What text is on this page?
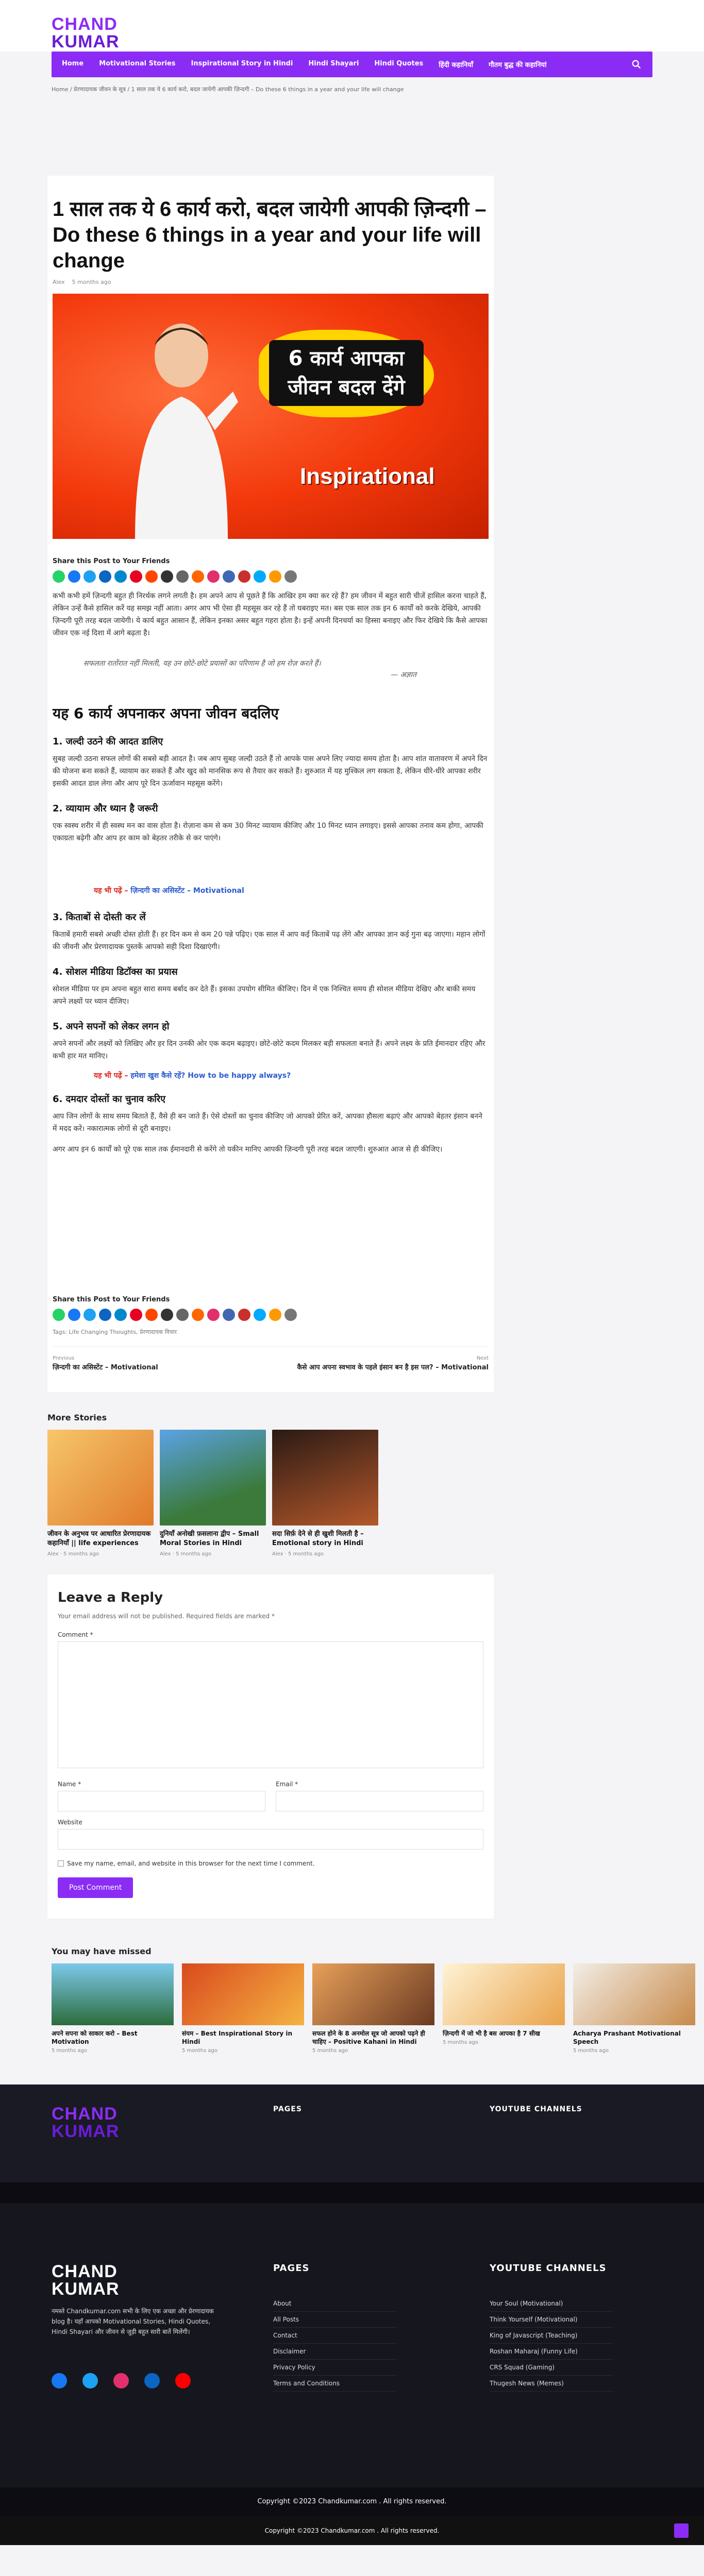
CHAND
KUMAR
Home	Motivational Stories	Inspirational Story in Hindi	Hindi Shayari	Hindi Quotes	हिंदी कहानियाँ	गौतम बुद्ध की कहानियां
Home / प्रेरणादायक जीवन के सूत्र / 1 साल तक ये 6 कार्य करो, बदल जायेगी आपकी ज़िन्दगी – Do these 6 things in a year and your life will change
1 साल तक ये 6 कार्य करो, बदल जायेगी आपकी ज़िन्दगी – Do these 6 things in a year and your life will change
Alex 5 months ago
6 कार्य आपका जीवन बदल देंगे
Inspirational
Share this Post to Your Friends

कभी कभी हमें ज़िन्दगी बहुत ही निरर्थक लगने लगती है। हम अपने आप से पूछते हैं कि आखिर हम क्या कर रहे हैं? हम जीवन में बहुत सारी चीजें हासिल करना चाहते हैं, लेकिन उन्हें कैसे हासिल करें यह समझ नहीं आता। अगर आप भी ऐसा ही महसूस कर रहे हैं तो घबराइए मत। बस एक साल तक इन 6 कार्यों को करके देखिये, आपकी ज़िन्दगी पूरी तरह बदल जायेगी। ये कार्य बहुत आसान हैं, लेकिन इनका असर बहुत गहरा होता है। इन्हें अपनी दिनचर्या का हिस्सा बनाइए और फिर देखिये कि कैसे आपका जीवन एक नई दिशा में आगे बढ़ता है।

सफलता रातोंरात नहीं मिलती, यह उन छोटे-छोटे प्रयासों का परिणाम है जो हम रोज़ करते हैं।
— अज्ञात
यह 6 कार्य अपनाकर अपना जीवन बदलिए
1. जल्दी उठने की आदत डालिए

सुबह जल्दी उठना सफल लोगों की सबसे बड़ी आदत है। जब आप सुबह जल्दी उठते हैं तो आपके पास अपने लिए ज्यादा समय होता है। आप शांत वातावरण में अपने दिन की योजना बना सकते हैं, व्यायाम कर सकते हैं और खुद को मानसिक रूप से तैयार कर सकते हैं। शुरुआत में यह मुश्किल लग सकता है, लेकिन धीरे-धीरे आपका शरीर इसकी आदत डाल लेगा और आप पूरे दिन ऊर्जावान महसूस करेंगे।

2. व्यायाम और ध्यान है जरूरी

एक स्वस्थ शरीर में ही स्वस्थ मन का वास होता है। रोज़ाना कम से कम 30 मिनट व्यायाम कीजिए और 10 मिनट ध्यान लगाइए। इससे आपका तनाव कम होगा, आपकी एकाग्रता बढ़ेगी और आप हर काम को बेहतर तरीके से कर पाएंगे।

यह भी पढ़ें – ज़िन्दगी का असिस्टेंट – Motivational
3. किताबों से दोस्ती कर लें

किताबें हमारी सबसे अच्छी दोस्त होती हैं। हर दिन कम से कम 20 पन्ने पढ़िए। एक साल में आप कई किताबें पढ़ लेंगे और आपका ज्ञान कई गुना बढ़ जाएगा। महान लोगों की जीवनी और प्रेरणादायक पुस्तकें आपको सही दिशा दिखाएंगी।

4. सोशल मीडिया डिटॉक्स का प्रयास

सोशल मीडिया पर हम अपना बहुत सारा समय बर्बाद कर देते हैं। इसका उपयोग सीमित कीजिए। दिन में एक निश्चित समय ही सोशल मीडिया देखिए और बाकी समय अपने लक्ष्यों पर ध्यान दीजिए।

5. अपने सपनों को लेकर लगन हो

अपने सपनों और लक्ष्यों को लिखिए और हर दिन उनकी ओर एक कदम बढ़ाइए। छोटे-छोटे कदम मिलकर बड़ी सफलता बनाते हैं। अपने लक्ष्य के प्रति ईमानदार रहिए और कभी हार मत मानिए।

यह भी पढ़ें – हमेशा खुश कैसे रहें? How to be happy always?
6. दमदार दोस्तों का चुनाव करिए

आप जिन लोगों के साथ समय बिताते हैं, वैसे ही बन जाते हैं। ऐसे दोस्तों का चुनाव कीजिए जो आपको प्रेरित करें, आपका हौसला बढ़ाएं और आपको बेहतर इंसान बनने में मदद करें। नकारात्मक लोगों से दूरी बनाइए।

अगर आप इन 6 कार्यों को पूरे एक साल तक ईमानदारी से करेंगे तो यकीन मानिए आपकी ज़िन्दगी पूरी तरह बदल जाएगी। शुरुआत आज से ही कीजिए।

Share this Post to Your Friends
Tags: Life Changing Thoughts, प्रेरणादायक विचार
Previous
ज़िन्दगी का असिस्टेंट – Motivational
Next
कैसे आप अपना स्वभाव के पहले इंसान बन है इस पल? – Motivational
More Stories
जीवन के अनुभव पर आधारित प्रेरणादायक कहानियाँ || life experiences
Alex · 5 months ago
दुनियाँ अनोखी फ़सलाना द्वीप – Small Moral Stories in Hindi
Alex · 5 months ago
सदा सिर्फ़ देने से ही खुशी मिलती है – Emotional story in Hindi
Alex · 5 months ago
Leave a Reply
Your email address will not be published. Required fields are marked *
Comment *
Name *	Email *
Website
Save my name, email, and website in this browser for the next time I comment.
Post Comment
You may have missed
अपने सपना को साकार करो – Best Motivation
5 months ago
संयम – Best Inspirational Story in Hindi
5 months ago
सफल होने के 8 अनमोल सूत्र जो आपको पढ़ने ही चाहिए – Positive Kahani in Hindi
5 months ago
ज़िन्दगी में जो भी है बस आपका है 7 सीख
5 months ago
Acharya Prashant Motivational Speech
5 months ago
CHAND
KUMAR
PAGES	YOUTUBE CHANNELS
CHAND
KUMAR
नमस्ते Chandkumar.com सभी के लिए एक अच्छा और प्रेरणादायक blog है। यहाँ आपको Motivational Stories, Hindi Quotes, Hindi Shayari और जीवन से जुड़ी बहुत सारी बातें मिलेंगी।
PAGES
About
All Posts
Contact
Disclaimer
Privacy Policy
Terms and Conditions
YOUTUBE CHANNELS
Your Soul (Motivational)
Think Yourself (Motivational)
King of Javascript (Teaching)
Roshan Maharaj (Funny Life)
CRS Squad (Gaming)
Thugesh News (Memes)
Copyright ©2023 Chandkumar.com . All rights reserved.
Copyright ©2023 Chandkumar.com . All rights reserved.
